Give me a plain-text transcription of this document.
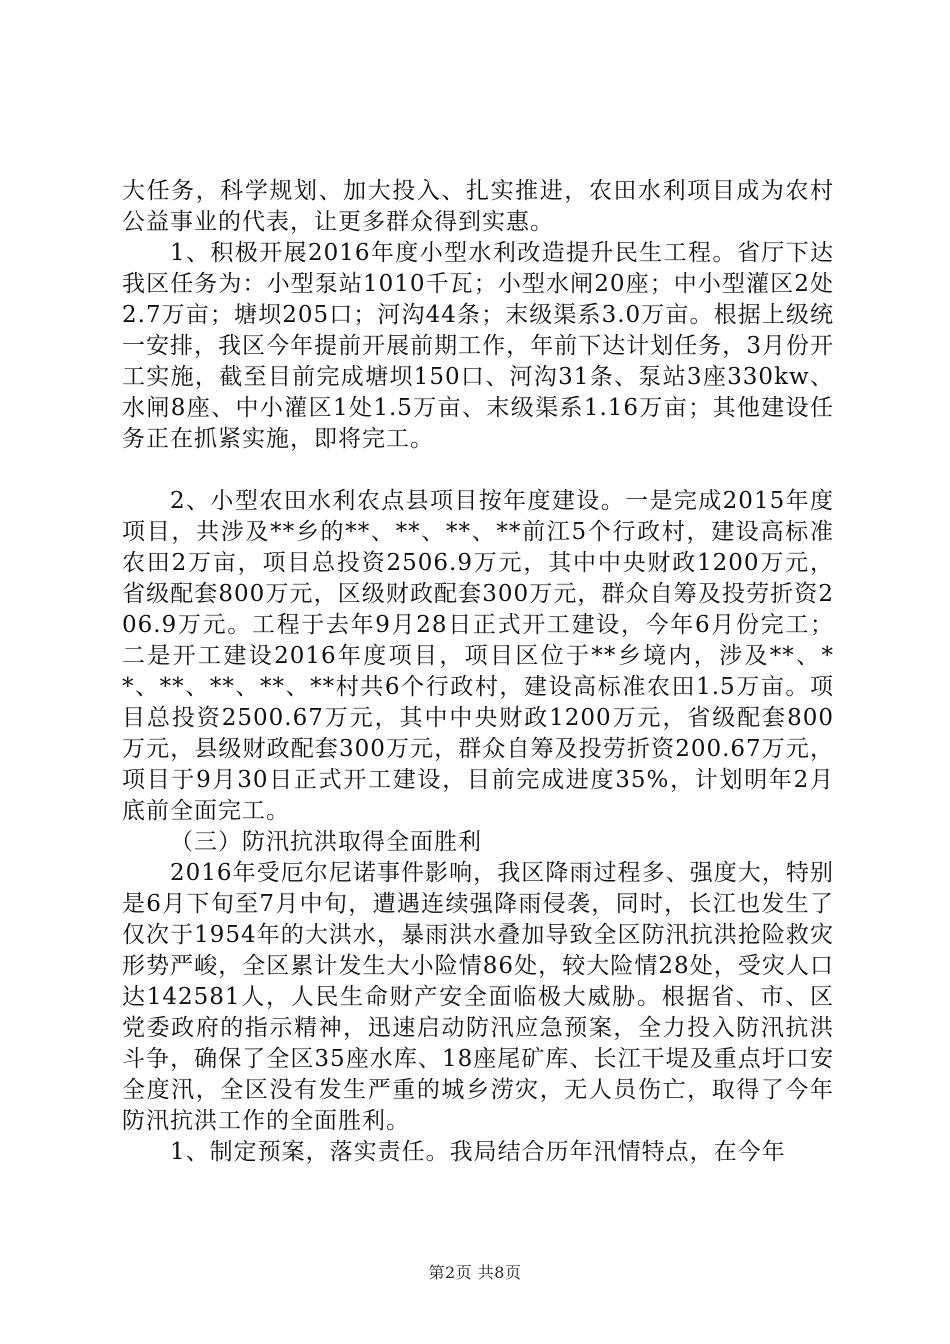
大任务，科学规划、加大投入、扎实推进，农田水利项目成为农村公益事业的代表，让更多群众得到实惠。

1、积极开展2016年度小型水利改造提升民生工程。省厅下达我区任务为：小型泵站1010千瓦；小型水闸20座；中小型灌区2处2.7万亩；塘坝205口；河沟44条；末级渠系3.0万亩。根据上级统一安排，我区今年提前开展前期工作，年前下达计划任务，3月份开工实施，截至目前完成塘坝150口、河沟31条、泵站3座330kw、水闸8座、中小灌区1处1.5万亩、末级渠系1.16万亩；其他建设任务正在抓紧实施，即将完工。

2、小型农田水利农点县项目按年度建设。一是完成2015年度项目，共涉及**乡的**、**、**、**前江5个行政村，建设高标准农田2万亩，项目总投资2506.9万元，其中中央财政1200万元，省级配套800万元，区级财政配套300万元，群众自筹及投劳折资206.9万元。工程于去年9月28日正式开工建设，今年6月份完工；二是开工建设2016年度项目，项目区位于**乡境内，涉及**、**、**、**、**、**村共6个行政村，建设高标准农田1.5万亩。项目总投资2500.67万元，其中中央财政1200万元，省级配套800万元，县级财政配套300万元，群众自筹及投劳折资200.67万元，项目于9月30日正式开工建设，目前完成进度35%，计划明年2月底前全面完工。

（三）防汛抗洪取得全面胜利

2016年受厄尔尼诺事件影响，我区降雨过程多、强度大，特别是6月下旬至7月中旬，遭遇连续强降雨侵袭，同时，长江也发生了仅次于1954年的大洪水，暴雨洪水叠加导致全区防汛抗洪抢险救灾形势严峻，全区累计发生大小险情86处，较大险情28处，受灾人口达142581人，人民生命财产安全面临极大威胁。根据省、市、区党委政府的指示精神，迅速启动防汛应急预案，全力投入防汛抗洪斗争，确保了全区35座水库、18座尾矿库、长江干堤及重点圩口安全度汛，全区没有发生严重的城乡涝灾，无人员伤亡，取得了今年防汛抗洪工作的全面胜利。

1、制定预案，落实责任。我局结合历年汛情特点，在今年

第2页 共8页
